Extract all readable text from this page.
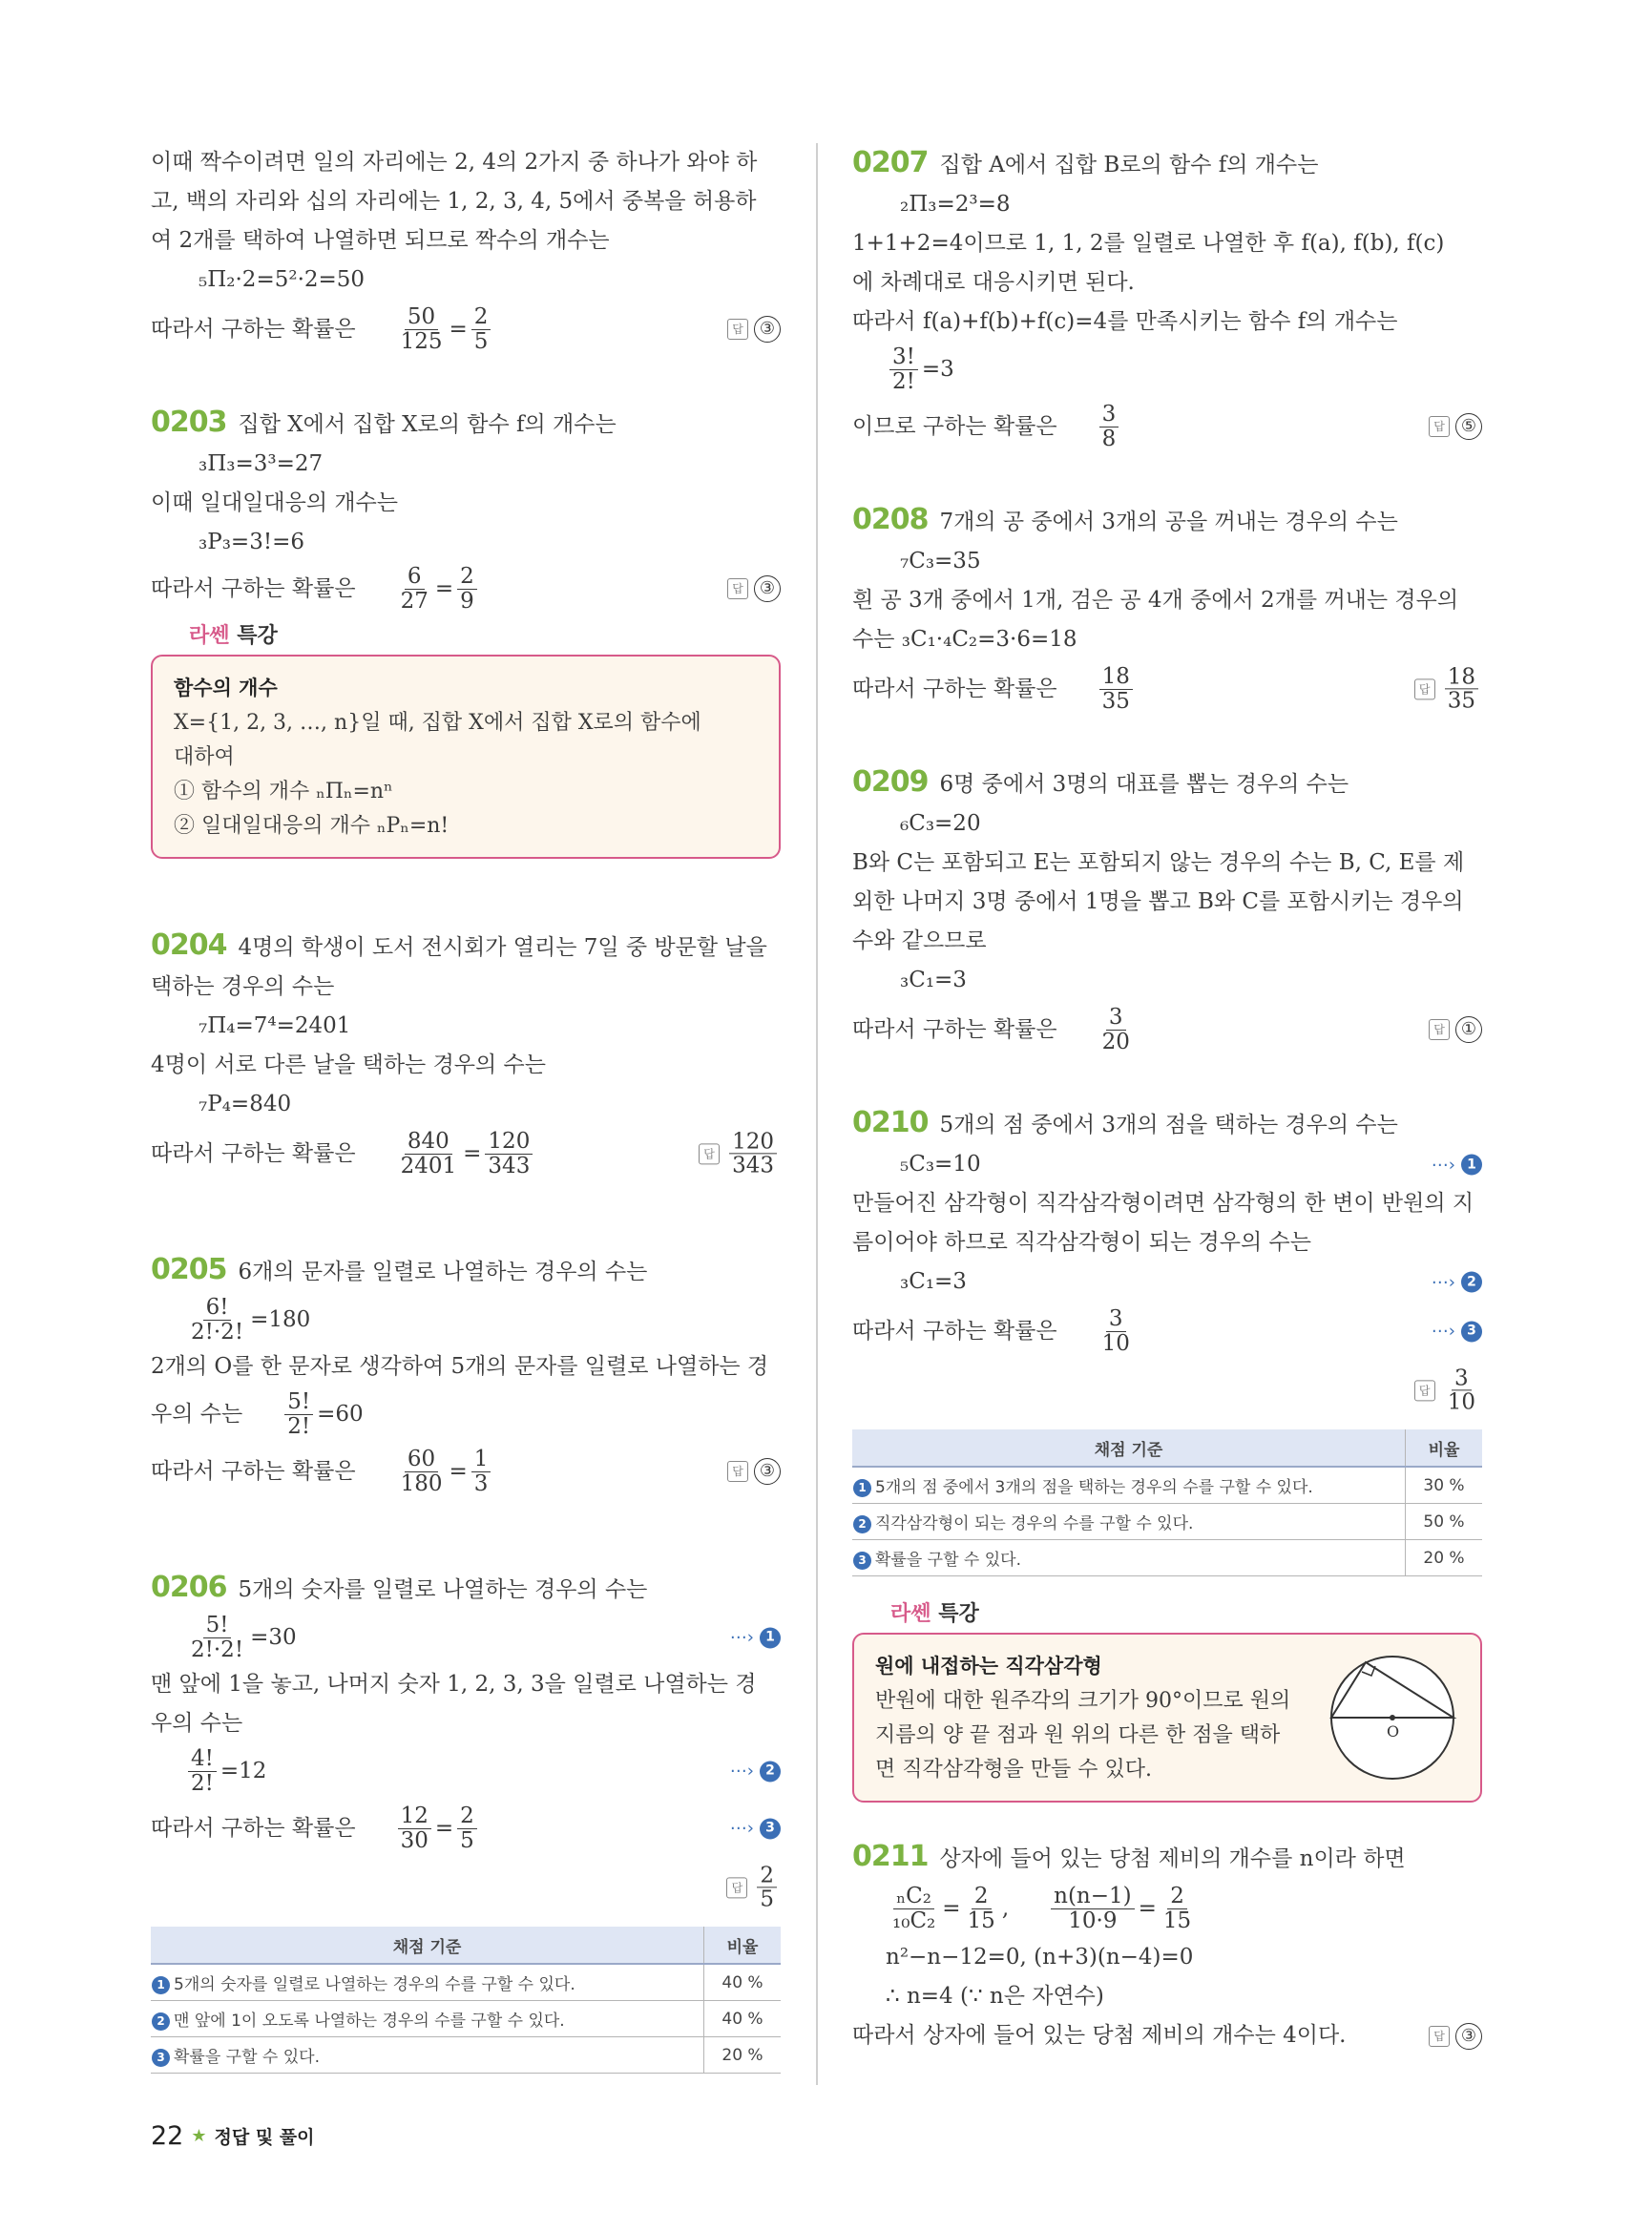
이때 짝수이려면 일의 자리에는 2, 4의 2가지 중 하나가 와야 하
고, 백의 자리와 십의 자리에는 1, 2, 3, 4, 5에서 중복을 허용하
여 2개를 택하여 나열하면 되므로 짝수의 개수는
₅Π₂·2=5²·2=50
따라서 구하는 확률은 $\frac{50}{125} = \frac{2}{5}$	답 ③
0203 집합 X에서 집합 X로의 함수 f의 개수는
₃Π₃=3³=27
이때 일대일대응의 개수는
₃P₃=3!=6
따라서 구하는 확률은 $\frac{6}{27} = \frac{2}{9}$	답 ③
라쎈 특강
함수의 개수
X={1, 2, 3, …, n}일 때, 집합 X에서 집합 X로의 함수에
대하여
① 함수의 개수 ₙΠₙ=nⁿ
② 일대일대응의 개수 ₙPₙ=n!
0204 4명의 학생이 도서 전시회가 열리는 7일 중 방문할 날을
택하는 경우의 수는
₇Π₄=7⁴=2401
4명이 서로 다른 날을 택하는 경우의 수는
₇P₄=840
따라서 구하는 확률은 $\frac{840}{2401} = \frac{120}{343}$	답 $\frac{120}{343}$
0205 6개의 문자를 일렬로 나열하는 경우의 수는
$\frac{6!}{2!\cdot 2!} =180$
2개의 O를 한 문자로 생각하여 5개의 문자를 일렬로 나열하는 경
우의 수는 $\frac{5!}{2!} =60$
따라서 구하는 확률은 $\frac{60}{180} = \frac{1}{3}$	답 ③
0206 5개의 숫자를 일렬로 나열하는 경우의 수는
$\frac{5!}{2!\cdot 2!} =30$	⋯› 1
맨 앞에 1을 놓고, 나머지 숫자 1, 2, 3, 3을 일렬로 나열하는 경
우의 수는
$\frac{4!}{2!} =12$	⋯› 2
따라서 구하는 확률은 $\frac{12}{30} = \frac{2}{5}$	⋯› 3
답 $\frac{2}{5}$
채점 기준	비율
1 5개의 숫자를 일렬로 나열하는 경우의 수를 구할 수 있다.	40 %
2 맨 앞에 1이 오도록 나열하는 경우의 수를 구할 수 있다.	40 %
3 확률을 구할 수 있다.	20 %
0207 집합 A에서 집합 B로의 함수 f의 개수는
₂Π₃=2³=8
1+1+2=4이므로 1, 1, 2를 일렬로 나열한 후 f(a), f(b), f(c)
에 차례대로 대응시키면 된다.
따라서 f(a)+f(b)+f(c)=4를 만족시키는 함수 f의 개수는
$\frac{3!}{2!} =3$
이므로 구하는 확률은 $\frac{3}{8}$	답 ⑤
0208 7개의 공 중에서 3개의 공을 꺼내는 경우의 수는
₇C₃=35
흰 공 3개 중에서 1개, 검은 공 4개 중에서 2개를 꺼내는 경우의
수는 ₃C₁·₄C₂=3·6=18
따라서 구하는 확률은 $\frac{18}{35}$	답 $\frac{18}{35}$
0209 6명 중에서 3명의 대표를 뽑는 경우의 수는
₆C₃=20
B와 C는 포함되고 E는 포함되지 않는 경우의 수는 B, C, E를 제
외한 나머지 3명 중에서 1명을 뽑고 B와 C를 포함시키는 경우의
수와 같으므로
₃C₁=3
따라서 구하는 확률은 $\frac{3}{20}$	답 ①
0210 5개의 점 중에서 3개의 점을 택하는 경우의 수는
₅C₃=10	⋯› 1
만들어진 삼각형이 직각삼각형이려면 삼각형의 한 변이 반원의 지
름이어야 하므로 직각삼각형이 되는 경우의 수는
₃C₁=3	⋯› 2
따라서 구하는 확률은 $\frac{3}{10}$	⋯› 3
답 $\frac{3}{10}$
채점 기준	비율
1 5개의 점 중에서 3개의 점을 택하는 경우의 수를 구할 수 있다.	30 %
2 직각삼각형이 되는 경우의 수를 구할 수 있다.	50 %
3 확률을 구할 수 있다.	20 %
라쎈 특강
원에 내접하는 직각삼각형
반원에 대한 원주각의 크기가 90°이므로 원의
지름의 양 끝 점과 원 위의 다른 한 점을 택하
면 직각삼각형을 만들 수 있다.
O
0211 상자에 들어 있는 당첨 제비의 개수를 n이라 하면
$\frac{\text{ₙC₂}}{\text{₁₀C₂}} = \frac{2}{15}$ , $\frac{n(n-1)}{10\cdot 9} = \frac{2}{15}$
n²−n−12=0, (n+3)(n−4)=0
∴ n=4 (∵ n은 자연수)
따라서 상자에 들어 있는 당첨 제비의 개수는 4이다.	답 ③
22 ★ 정답 및 풀이
